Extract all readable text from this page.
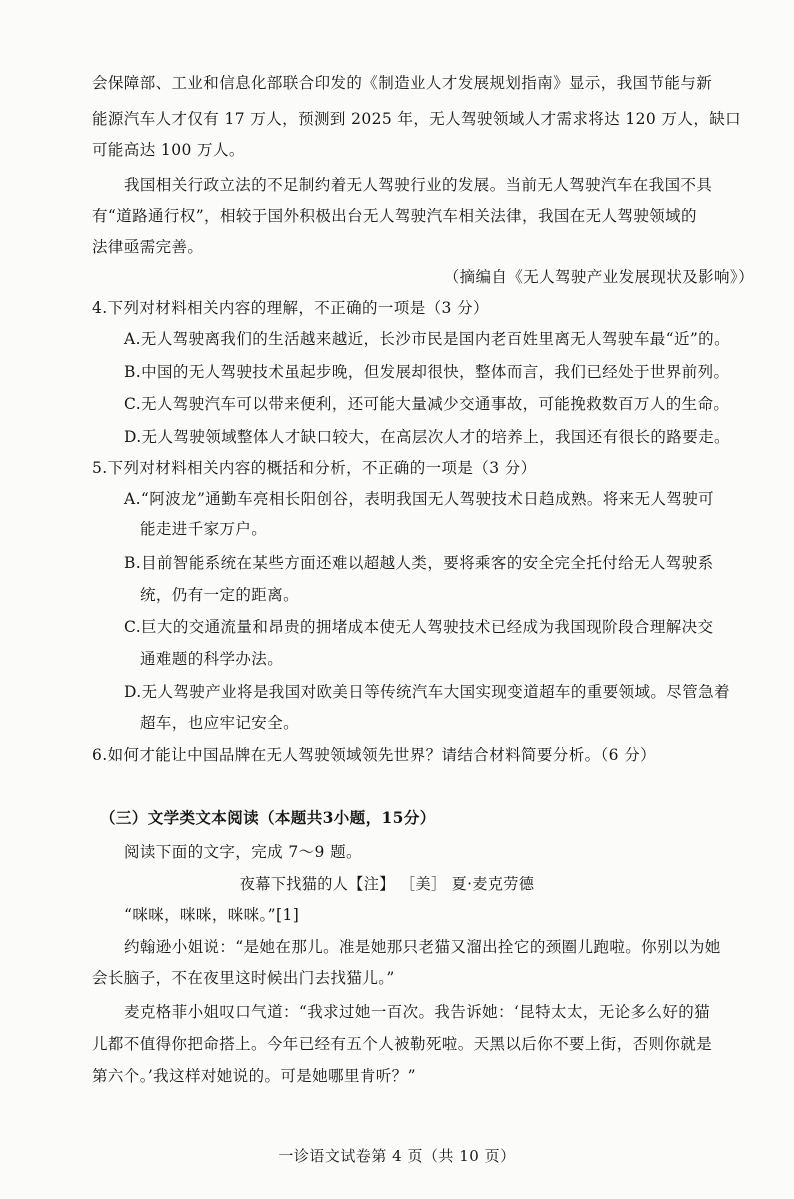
会保障部、工业和信息化部联合印发的《制造业人才发展规划指南》显示，我国节能与新
能源汽车人才仅有 17 万人，预测到 2025 年，无人驾驶领域人才需求将达 120 万人，缺口
可能高达 100 万人。
我国相关行政立法的不足制约着无人驾驶行业的发展。当前无人驾驶汽车在我国不具
有“道路通行权”，相较于国外积极出台无人驾驶汽车相关法律，我国在无人驾驶领域的
法律亟需完善。
（摘编自《无人驾驶产业发展现状及影响》）
4.下列对材料相关内容的理解，不正确的一项是（3 分）
A.无人驾驶离我们的生活越来越近，长沙市民是国内老百姓里离无人驾驶车最“近”的。
B.中国的无人驾驶技术虽起步晚，但发展却很快，整体而言，我们已经处于世界前列。
C.无人驾驶汽车可以带来便利，还可能大量减少交通事故，可能挽救数百万人的生命。
D.无人驾驶领域整体人才缺口较大，在高层次人才的培养上，我国还有很长的路要走。
5.下列对材料相关内容的概括和分析，不正确的一项是（3 分）
A.“阿波龙”通勤车亮相长阳创谷，表明我国无人驾驶技术日趋成熟。将来无人驾驶可
能走进千家万户。
B.目前智能系统在某些方面还难以超越人类，要将乘客的安全完全托付给无人驾驶系
统，仍有一定的距离。
C.巨大的交通流量和昂贵的拥堵成本使无人驾驶技术已经成为我国现阶段合理解决交
通难题的科学办法。
D.无人驾驶产业将是我国对欧美日等传统汽车大国实现变道超车的重要领域。尽管急着
超车，也应牢记安全。
6.如何才能让中国品牌在无人驾驶领域领先世界？请结合材料简要分析。（6 分）
（三）文学类文本阅读（本题共3小题，15分）
阅读下面的文字，完成 7～9 题。
夜幕下找猫的人【注】 ［美］ 夏·麦克劳德
“咪咪，咪咪，咪咪。”[1]
约翰逊小姐说：“是她在那儿。准是她那只老猫又溜出拴它的颈圈儿跑啦。你别以为她
会长脑子，不在夜里这时候出门去找猫儿。”
麦克格菲小姐叹口气道：“我求过她一百次。我告诉她：‘昆特太太，无论多么好的猫
儿都不值得你把命搭上。今年已经有五个人被勒死啦。天黑以后你不要上街，否则你就是
第六个。’我这样对她说的。可是她哪里肯听？”
一诊语文试卷第 4 页（共 10 页）
